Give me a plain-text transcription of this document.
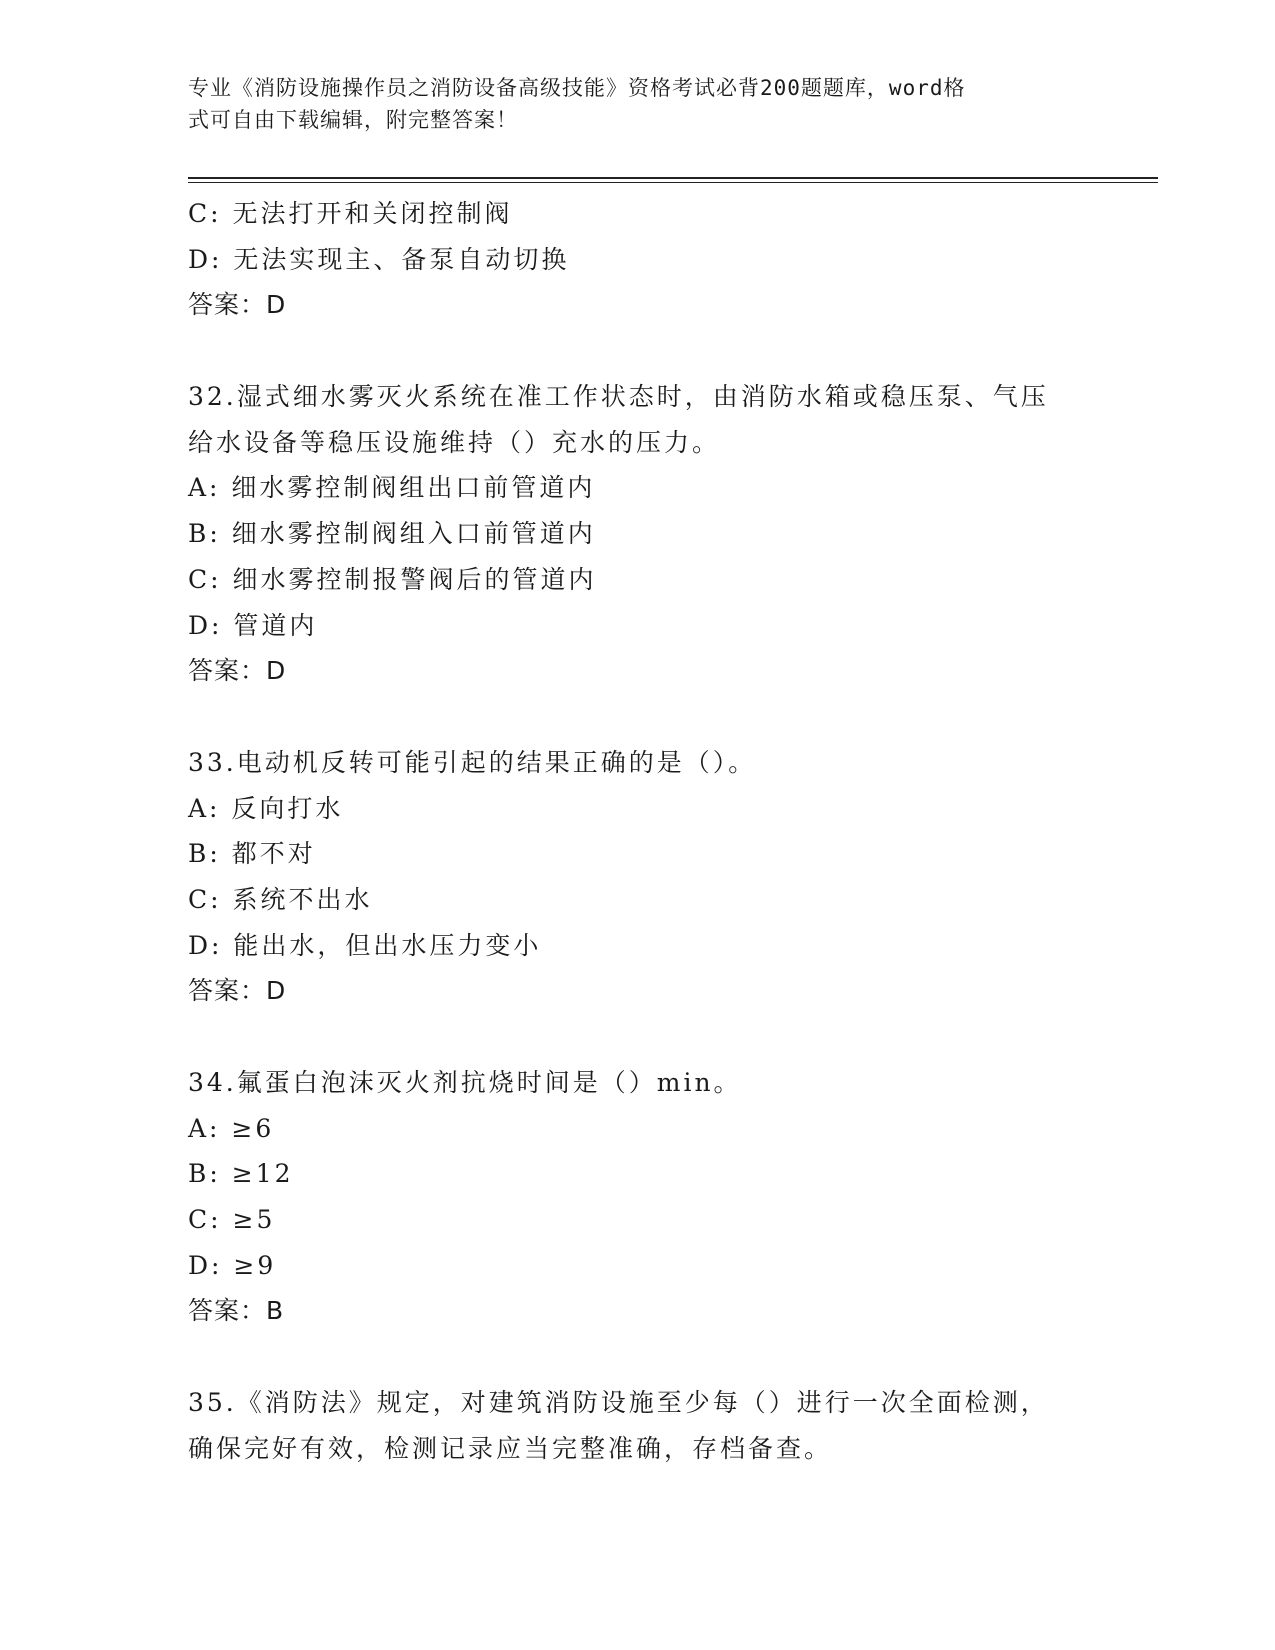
专业《消防设施操作员之消防设备高级技能》资格考试必背200题题库，word格
式可自由下载编辑，附完整答案！
C: 无法打开和关闭控制阀
D: 无法实现主、备泵自动切换
答案：D
32.湿式细水雾灭火系统在准工作状态时，由消防水箱或稳压泵、气压
给水设备等稳压设施维持（）充水的压力。
A: 细水雾控制阀组出口前管道内
B: 细水雾控制阀组入口前管道内
C: 细水雾控制报警阀后的管道内
D: 管道内
答案：D
33.电动机反转可能引起的结果正确的是（）。
A: 反向打水
B: 都不对
C: 系统不出水
D: 能出水，但出水压力变小
答案：D
34.氟蛋白泡沫灭火剂抗烧时间是（）min。
A: ≥6
B: ≥12
C: ≥5
D: ≥9
答案：B
35.《消防法》规定，对建筑消防设施至少每（）进行一次全面检测，
确保完好有效，检测记录应当完整准确，存档备查。
